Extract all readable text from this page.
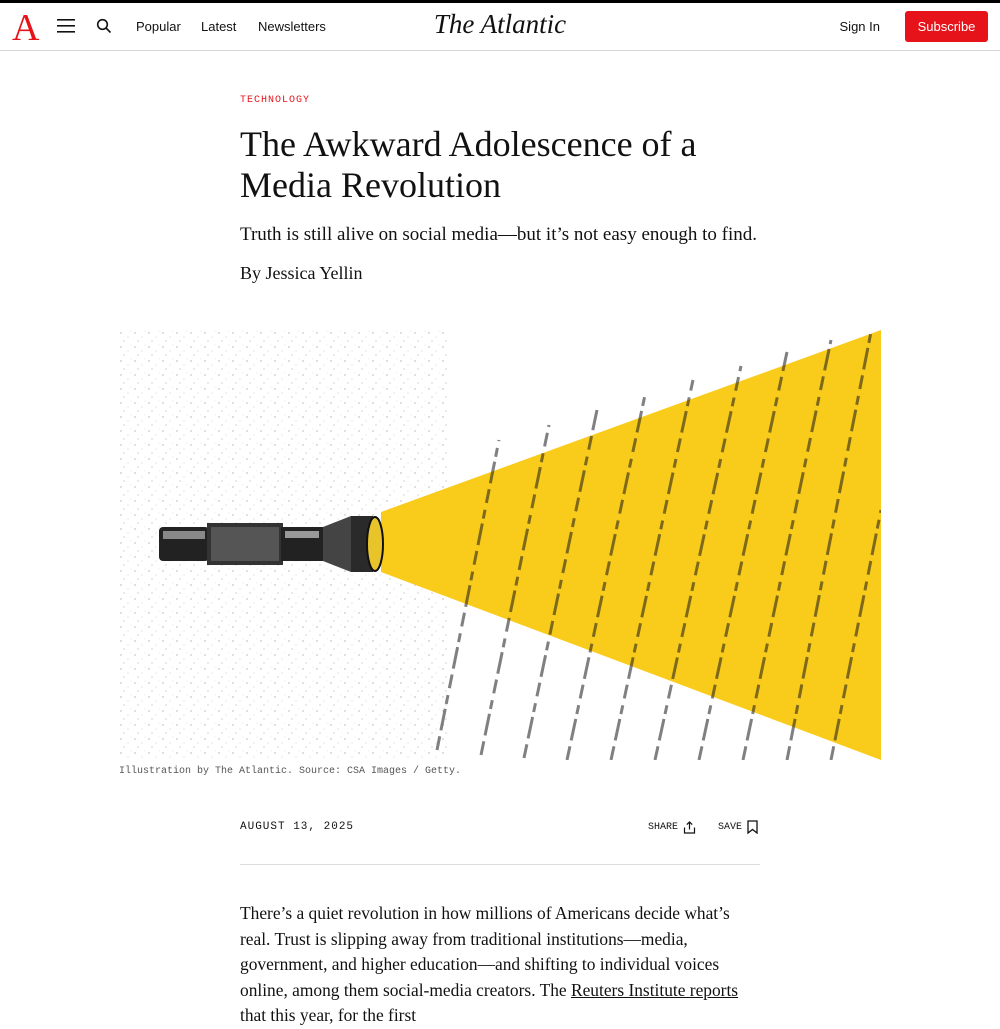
A	Popular Latest Newsletters	The Atlantic	Sign In	Subscribe
TECHNOLOGY
The Awkward Adolescence of a Media Revolution
Truth is still alive on social media—but it’s not easy enough to find.
By Jessica Yellin
Illustration by The Atlantic. Source: CSA Images / Getty.
AUGUST 13, 2025	SHARE	SAVE
There’s a quiet revolution in how millions of Americans decide what’s real. Trust is slipping away from traditional institutions—media, government, and higher education—and shifting to individual voices online, among them social-media creators. The Reuters Institute reports that this year, for the first
